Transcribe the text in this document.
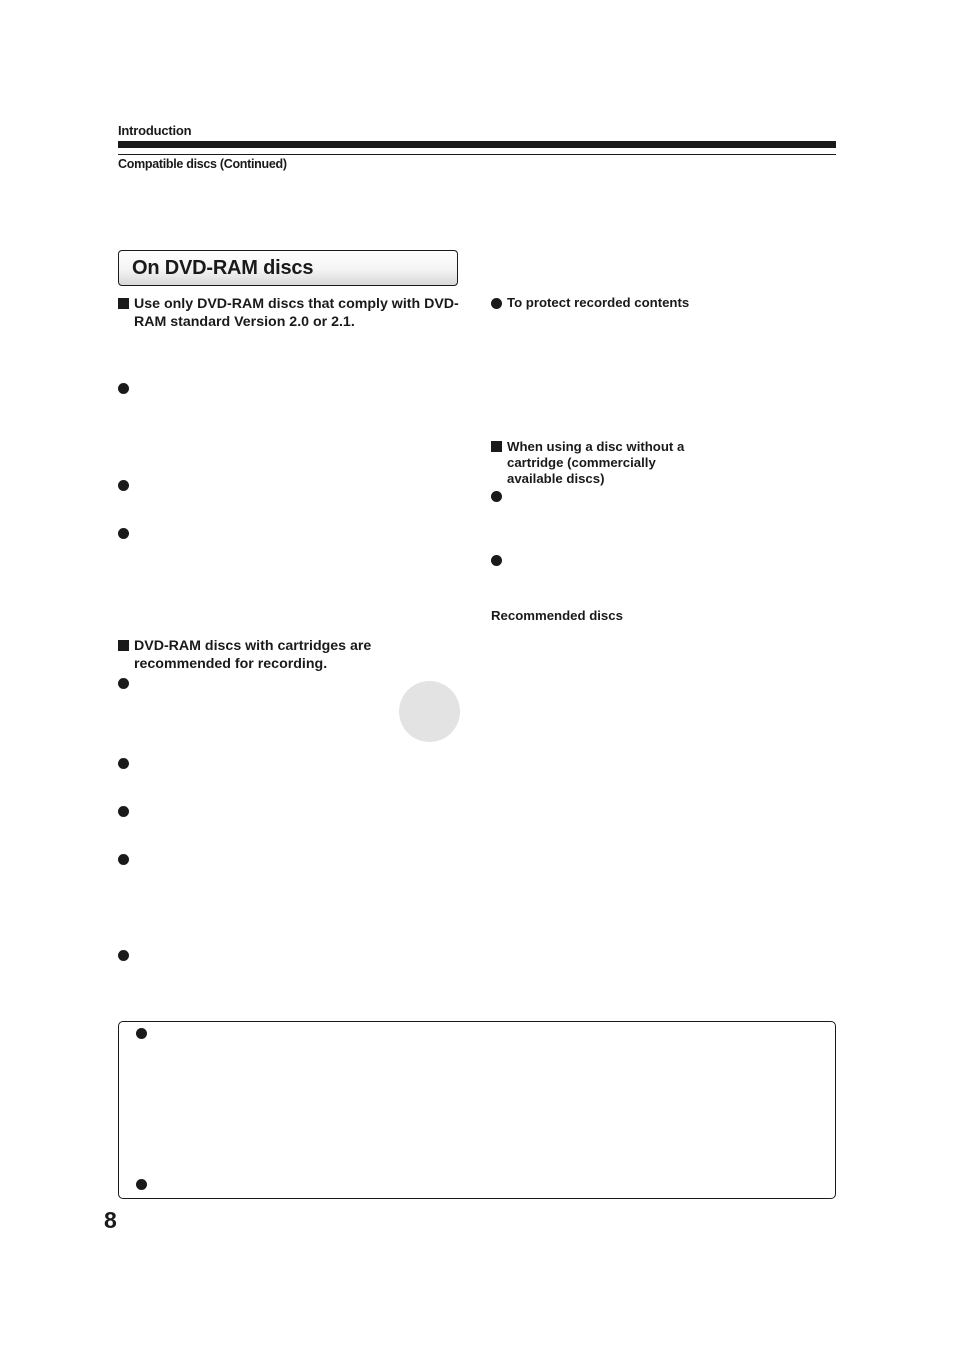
Introduction
Compatible discs (Continued)
On DVD-RAM discs
Use only DVD-RAM discs that comply with DVD-
RAM standard Version 2.0 or 2.1.
DVD-RAM discs with cartridges are
recommended for recording.
To protect recorded contents
When using a disc without a
cartridge (commercially
available discs)
Recommended discs
8
